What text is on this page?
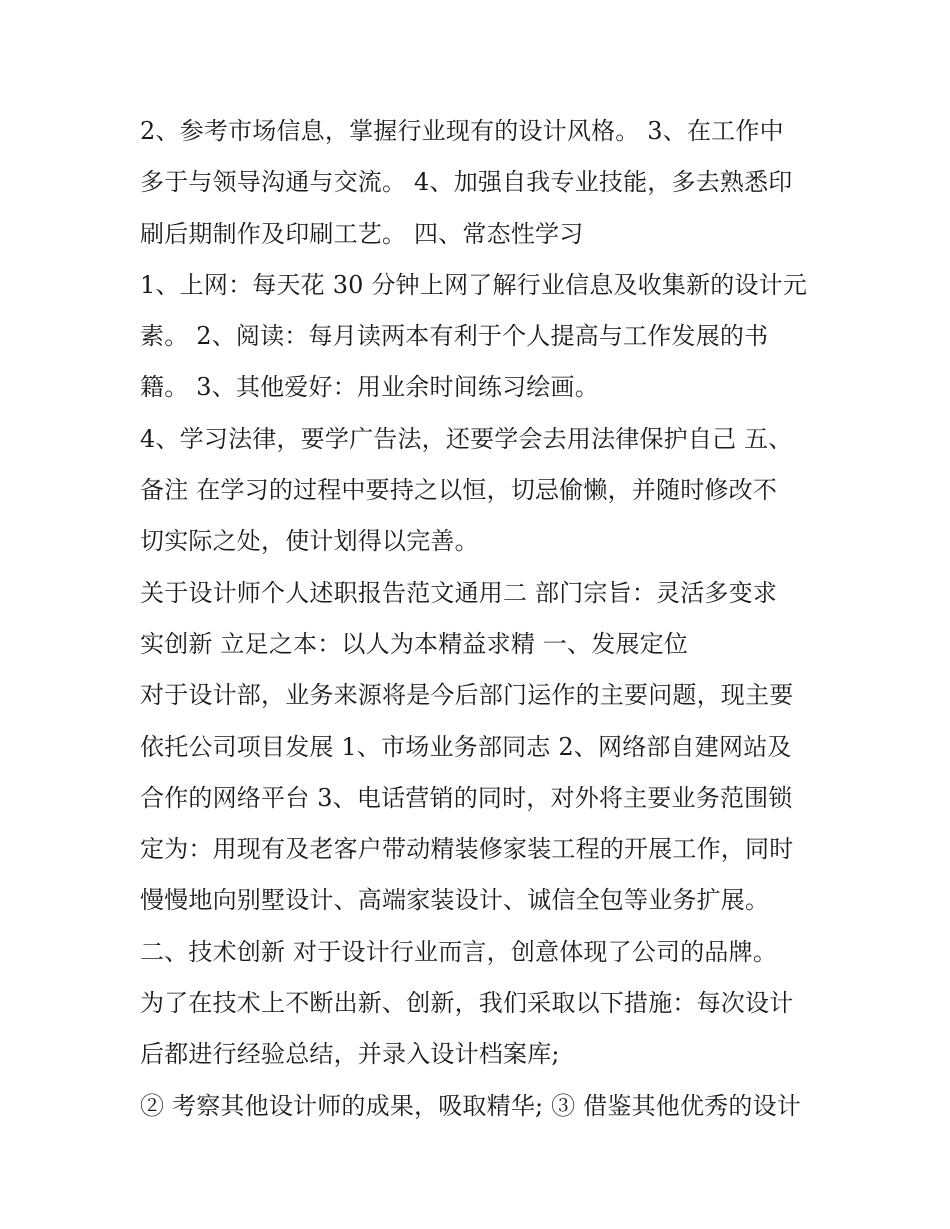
2、参考市场信息，掌握行业现有的设计风格。 3、在工作中
多于与领导沟通与交流。 4、加强自我专业技能，多去熟悉印
刷后期制作及印刷工艺。 四、常态性学习
1、上网：每天花 30 分钟上网了解行业信息及收集新的设计元
素。 2、阅读：每月读两本有利于个人提高与工作发展的书
籍。 3、其他爱好：用业余时间练习绘画。
4、学习法律，要学广告法，还要学会去用法律保护自己 五、
备注 在学习的过程中要持之以恒，切忌偷懒，并随时修改不
切实际之处，使计划得以完善。
关于设计师个人述职报告范文通用二 部门宗旨：灵活多变求
实创新 立足之本：以人为本精益求精 一、发展定位
对于设计部，业务来源将是今后部门运作的主要问题，现主要
依托公司项目发展 1、市场业务部同志 2、网络部自建网站及
合作的网络平台 3、电话营销的同时，对外将主要业务范围锁
定为：用现有及老客户带动精装修家装工程的开展工作，同时
慢慢地向别墅设计、高端家装设计、诚信全包等业务扩展。
二、技术创新 对于设计行业而言，创意体现了公司的品牌。
为了在技术上不断出新、创新，我们采取以下措施：每次设计
后都进行经验总结，并录入设计档案库;
② 考察其他设计师的成果，吸取精华; ③ 借鉴其他优秀的设计
